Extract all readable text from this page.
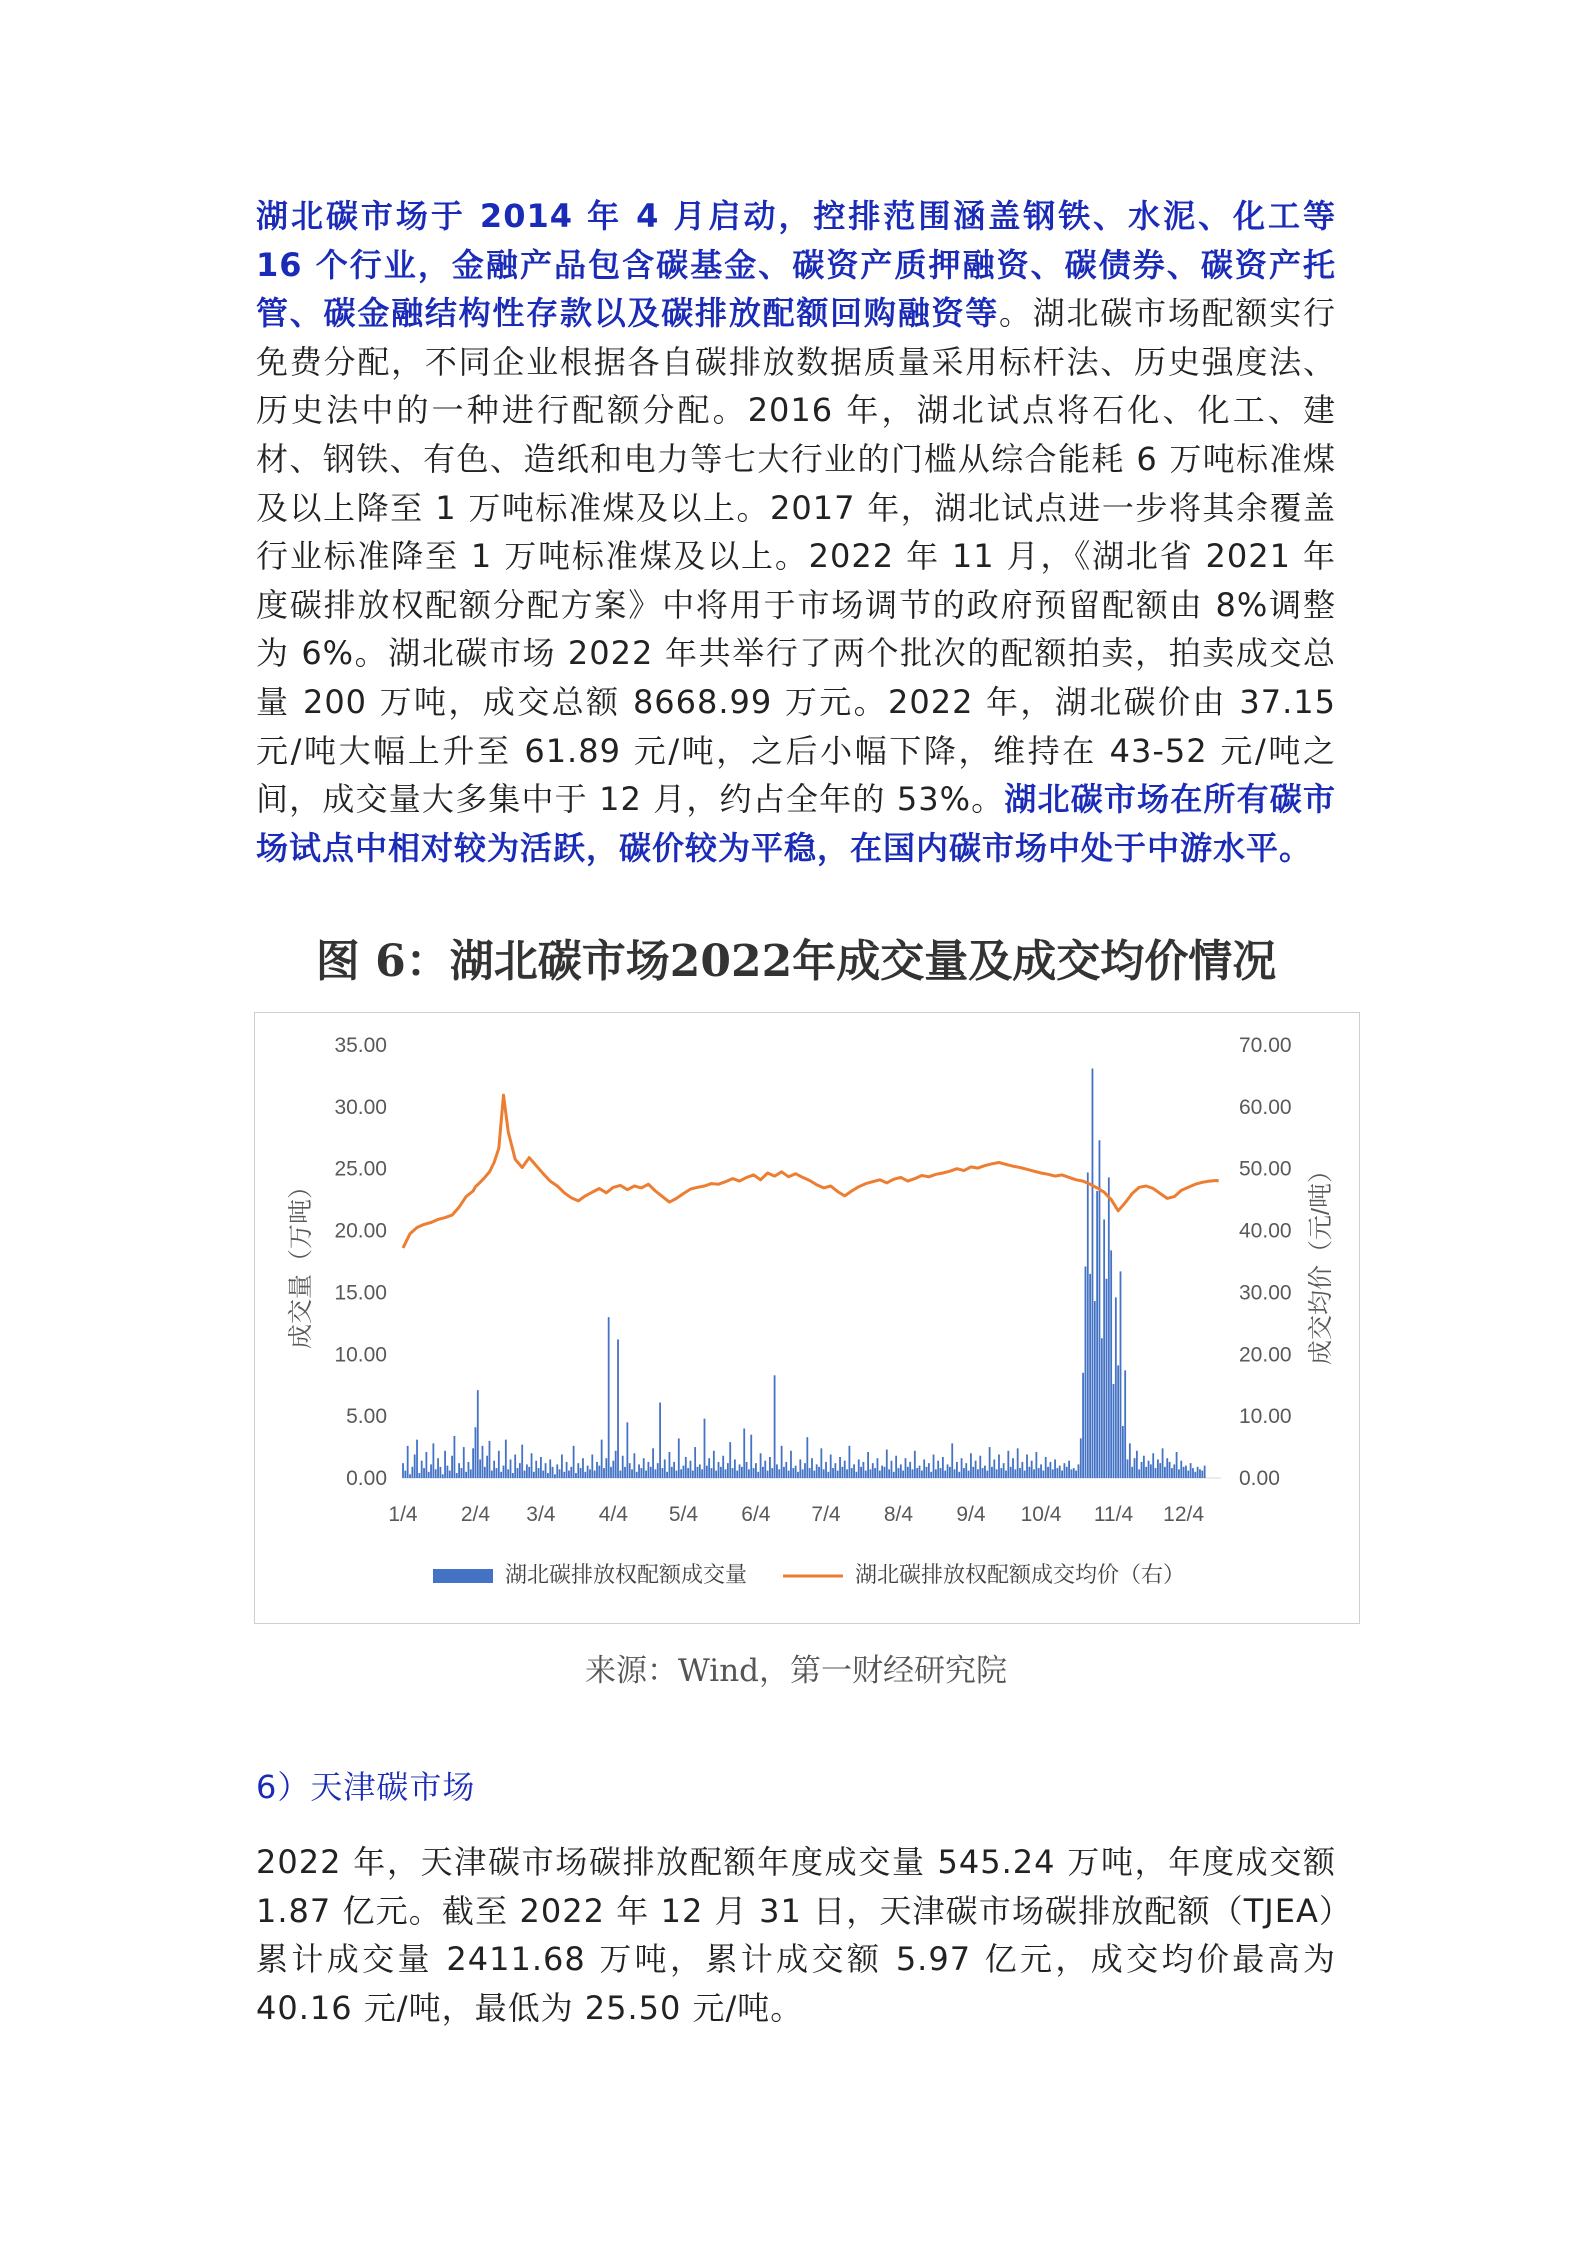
湖北碳市场于 2014 年 4 月启动，控排范围涵盖钢铁、水泥、化工等 16 个行业，金融产品包含碳基金、碳资产质押融资、碳债券、碳资产托管、碳金融结构性存款以及碳排放配额回购融资等。湖北碳市场配额实行免费分配，不同企业根据各自碳排放数据质量采用标杆法、历史强度法、历史法中的一种进行配额分配。2016 年，湖北试点将石化、化工、建材、钢铁、有色、造纸和电力等七大行业的门槛从综合能耗 6 万吨标准煤及以上降至 1 万吨标准煤及以上。2017 年，湖北试点进一步将其余覆盖行业标准降至 1 万吨标准煤及以上。2022 年 11 月，《湖北省 2021 年度碳排放权配额分配方案》中将用于市场调节的政府预留配额由 8%调整为 6%。湖北碳市场 2022 年共举行了两个批次的配额拍卖，拍卖成交总量 200 万吨，成交总额 8668.99 万元。2022 年，湖北碳价由 37.15 元/吨大幅上升至 61.89 元/吨，之后小幅下降，维持在 43-52 元/吨之间，成交量大多集中于 12 月，约占全年的 53%。湖北碳市场在所有碳市场试点中相对较为活跃，碳价较为平稳，在国内碳市场中处于中游水平。
图 6：湖北碳市场2022年成交量及成交均价情况
0.00
5.00
10.00
15.00
20.00
25.00
30.00
35.00
0.00
10.00
20.00
30.00
40.00
50.00
60.00
70.00
1/4 2/4 3/4 4/4 5/4 6/4 7/4 8/4 9/4 10/4 11/4 12/4
成交量（万吨）	成交均价（元/吨）
湖北碳排放权配额成交量	湖北碳排放权配额成交均价（右）
来源：Wind，第一财经研究院
6）天津碳市场
2022 年，天津碳市场碳排放配额年度成交量 545.24 万吨，年度成交额 1.87 亿元。截至 2022 年 12 月 31 日，天津碳市场碳排放配额（TJEA）累计成交量 2411.68 万吨，累计成交额 5.97 亿元，成交均价最高为 40.16 元/吨，最低为 25.50 元/吨。
